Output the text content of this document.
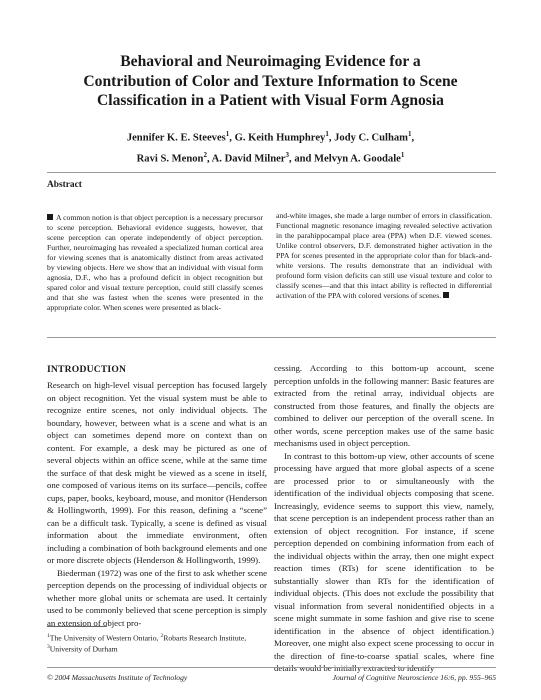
Behavioral and Neuroimaging Evidence for a
Contribution of Color and Texture Information to Scene
Classification in a Patient with Visual Form Agnosia
Jennifer K. E. Steeves$^1$, G. Keith Humphrey$^1$, Jody C. Culham$^1$,
Ravi S. Menon$^2$, A. David Milner$^3$, and Melvyn A. Goodale$^1$
Abstract
A common notion is that object perception is a necessary precursor to scene perception. Behavioral evidence suggests, however, that scene perception can operate independently of object perception. Further, neuroimaging has revealed a specialized human cortical area for viewing scenes that is anatomically distinct from areas activated by viewing objects. Here we show that an individual with visual form agnosia, D.F., who has a profound deficit in object recognition but spared color and visual texture perception, could still classify scenes and that she was fastest when the scenes were presented in the appropriate color. When scenes were presented as black-
and-white images, she made a large number of errors in classification. Functional magnetic resonance imaging revealed selective activation in the parahippocampal place area (PPA) when D.F. viewed scenes. Unlike control observers, D.F. demonstrated higher activation in the PPA for scenes presented in the appropriate color than for black-and-white versions. The results demonstrate that an individual with profound form vision deficits can still use visual texture and color to classify scenes—and that this intact ability is reflected in differential activation of the PPA with colored versions of scenes.
INTRODUCTION

Research on high-level visual perception has focused largely on object recognition. Yet the visual system must be able to recognize entire scenes, not only individual objects. The boundary, however, between what is a scene and what is an object can sometimes depend more on context than on content. For example, a desk may be pictured as one of several objects within an office scene, while at the same time the surface of that desk might be viewed as a scene in itself, one composed of various items on its surface—pencils, coffee cups, paper, books, keyboard, mouse, and monitor (Henderson & Hollingworth, 1999). For this reason, defining a “scene” can be a difficult task. Typically, a scene is defined as visual information about the immediate environment, often including a combination of both background elements and one or more discrete objects (Henderson & Hollingworth, 1999).

Biederman (1972) was one of the first to ask whether scene perception depends on the processing of individual objects or whether more global units or schemata are used. It certainly used to be commonly believed that scene perception is simply an extension of object pro-

cessing. According to this bottom-up account, scene perception unfolds in the following manner: Basic features are extracted from the retinal array, individual objects are constructed from those features, and finally the objects are combined to deliver our perception of the overall scene. In other words, scene perception makes use of the same basic mechanisms used in object perception.

In contrast to this bottom-up view, other accounts of scene processing have argued that more global aspects of a scene are processed prior to or simultaneously with the identification of the individual objects composing that scene. Increasingly, evidence seems to support this view, namely, that scene perception is an independent process rather than an extension of object recognition. For instance, if scene perception depended on combining information from each of the individual objects within the array, then one might expect reaction times (RTs) for scene identification to be substantially slower than RTs for the identification of individual objects. (This does not exclude the possibility that visual information from several nonidentified objects in a scene might summate in some fashion and give rise to scene identification in the absence of object identification.) Moreover, one might also expect scene processing to occur in the direction of fine-to-coarse spatial scales, where fine details would be initially extracted to identify

$^1$The University of Western Ontario, $^2$Robarts Research Institute, $^3$University of Durham
© 2004 Massachusetts Institute of Technology	Journal of Cognitive Neuroscience 16:6, pp. 955–965
